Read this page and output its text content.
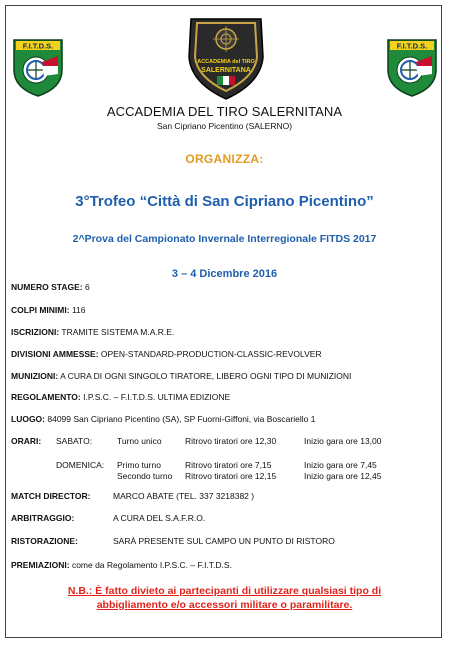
F.I.T.D.S.	F.I.T.D.S.
ACCADEMIA del TIRO
SALERNITANA
ACCADEMIA DEL TIRO SALERNITANA
San Cipriano Picentino (SALERNO)
ORGANIZZA:
3°Trofeo “Città di San Cipriano Picentino”
2^Prova del Campionato Invernale Interregionale FITDS 2017
3 – 4 Dicembre 2016
NUMERO STAGE: 6
COLPI MINIMI: 116
ISCRIZIONI: TRAMITE SISTEMA M.A.R.E.
DIVISIONI AMMESSE: OPEN-STANDARD-PRODUCTION-CLASSIC-REVOLVER
MUNIZIONI: A CURA DI OGNI SINGOLO TIRATORE, LIBERO OGNI TIPO DI MUNIZIONI
REGOLAMENTO: I.P.S.C. – F.I.T.D.S. ULTIMA EDIZIONE
LUOGO: 84099 San Cipriano Picentino (SA), SP Fuorni-Giffoni, via Boscariello 1
ORARI: SABATO:	Turno unico	Ritrovo tiratori ore 12,30	Inizio gara ore 13,00
DOMENICA: Primo turno	Ritrovo tiratori ore 7,15	Inizio gara ore 7,45
Secondo turno Ritrovo tiratori ore 12,15	Inizio gara ore 12,45
MATCH DIRECTOR:	MARCO ABATE (TEL. 337 3218382 )
ARBITRAGGIO:	A CURA DEL S.A.F.R.O.
RISTORAZIONE:	SARÀ PRESENTE SUL CAMPO UN PUNTO DI RISTORO
PREMIAZIONI: come da Regolamento I.P.S.C. – F.I.T.D.S.
N.B.: È fatto divieto ai partecipanti di utilizzare qualsiasi tipo di
abbigliamento e/o accessori militare o paramilitare.
